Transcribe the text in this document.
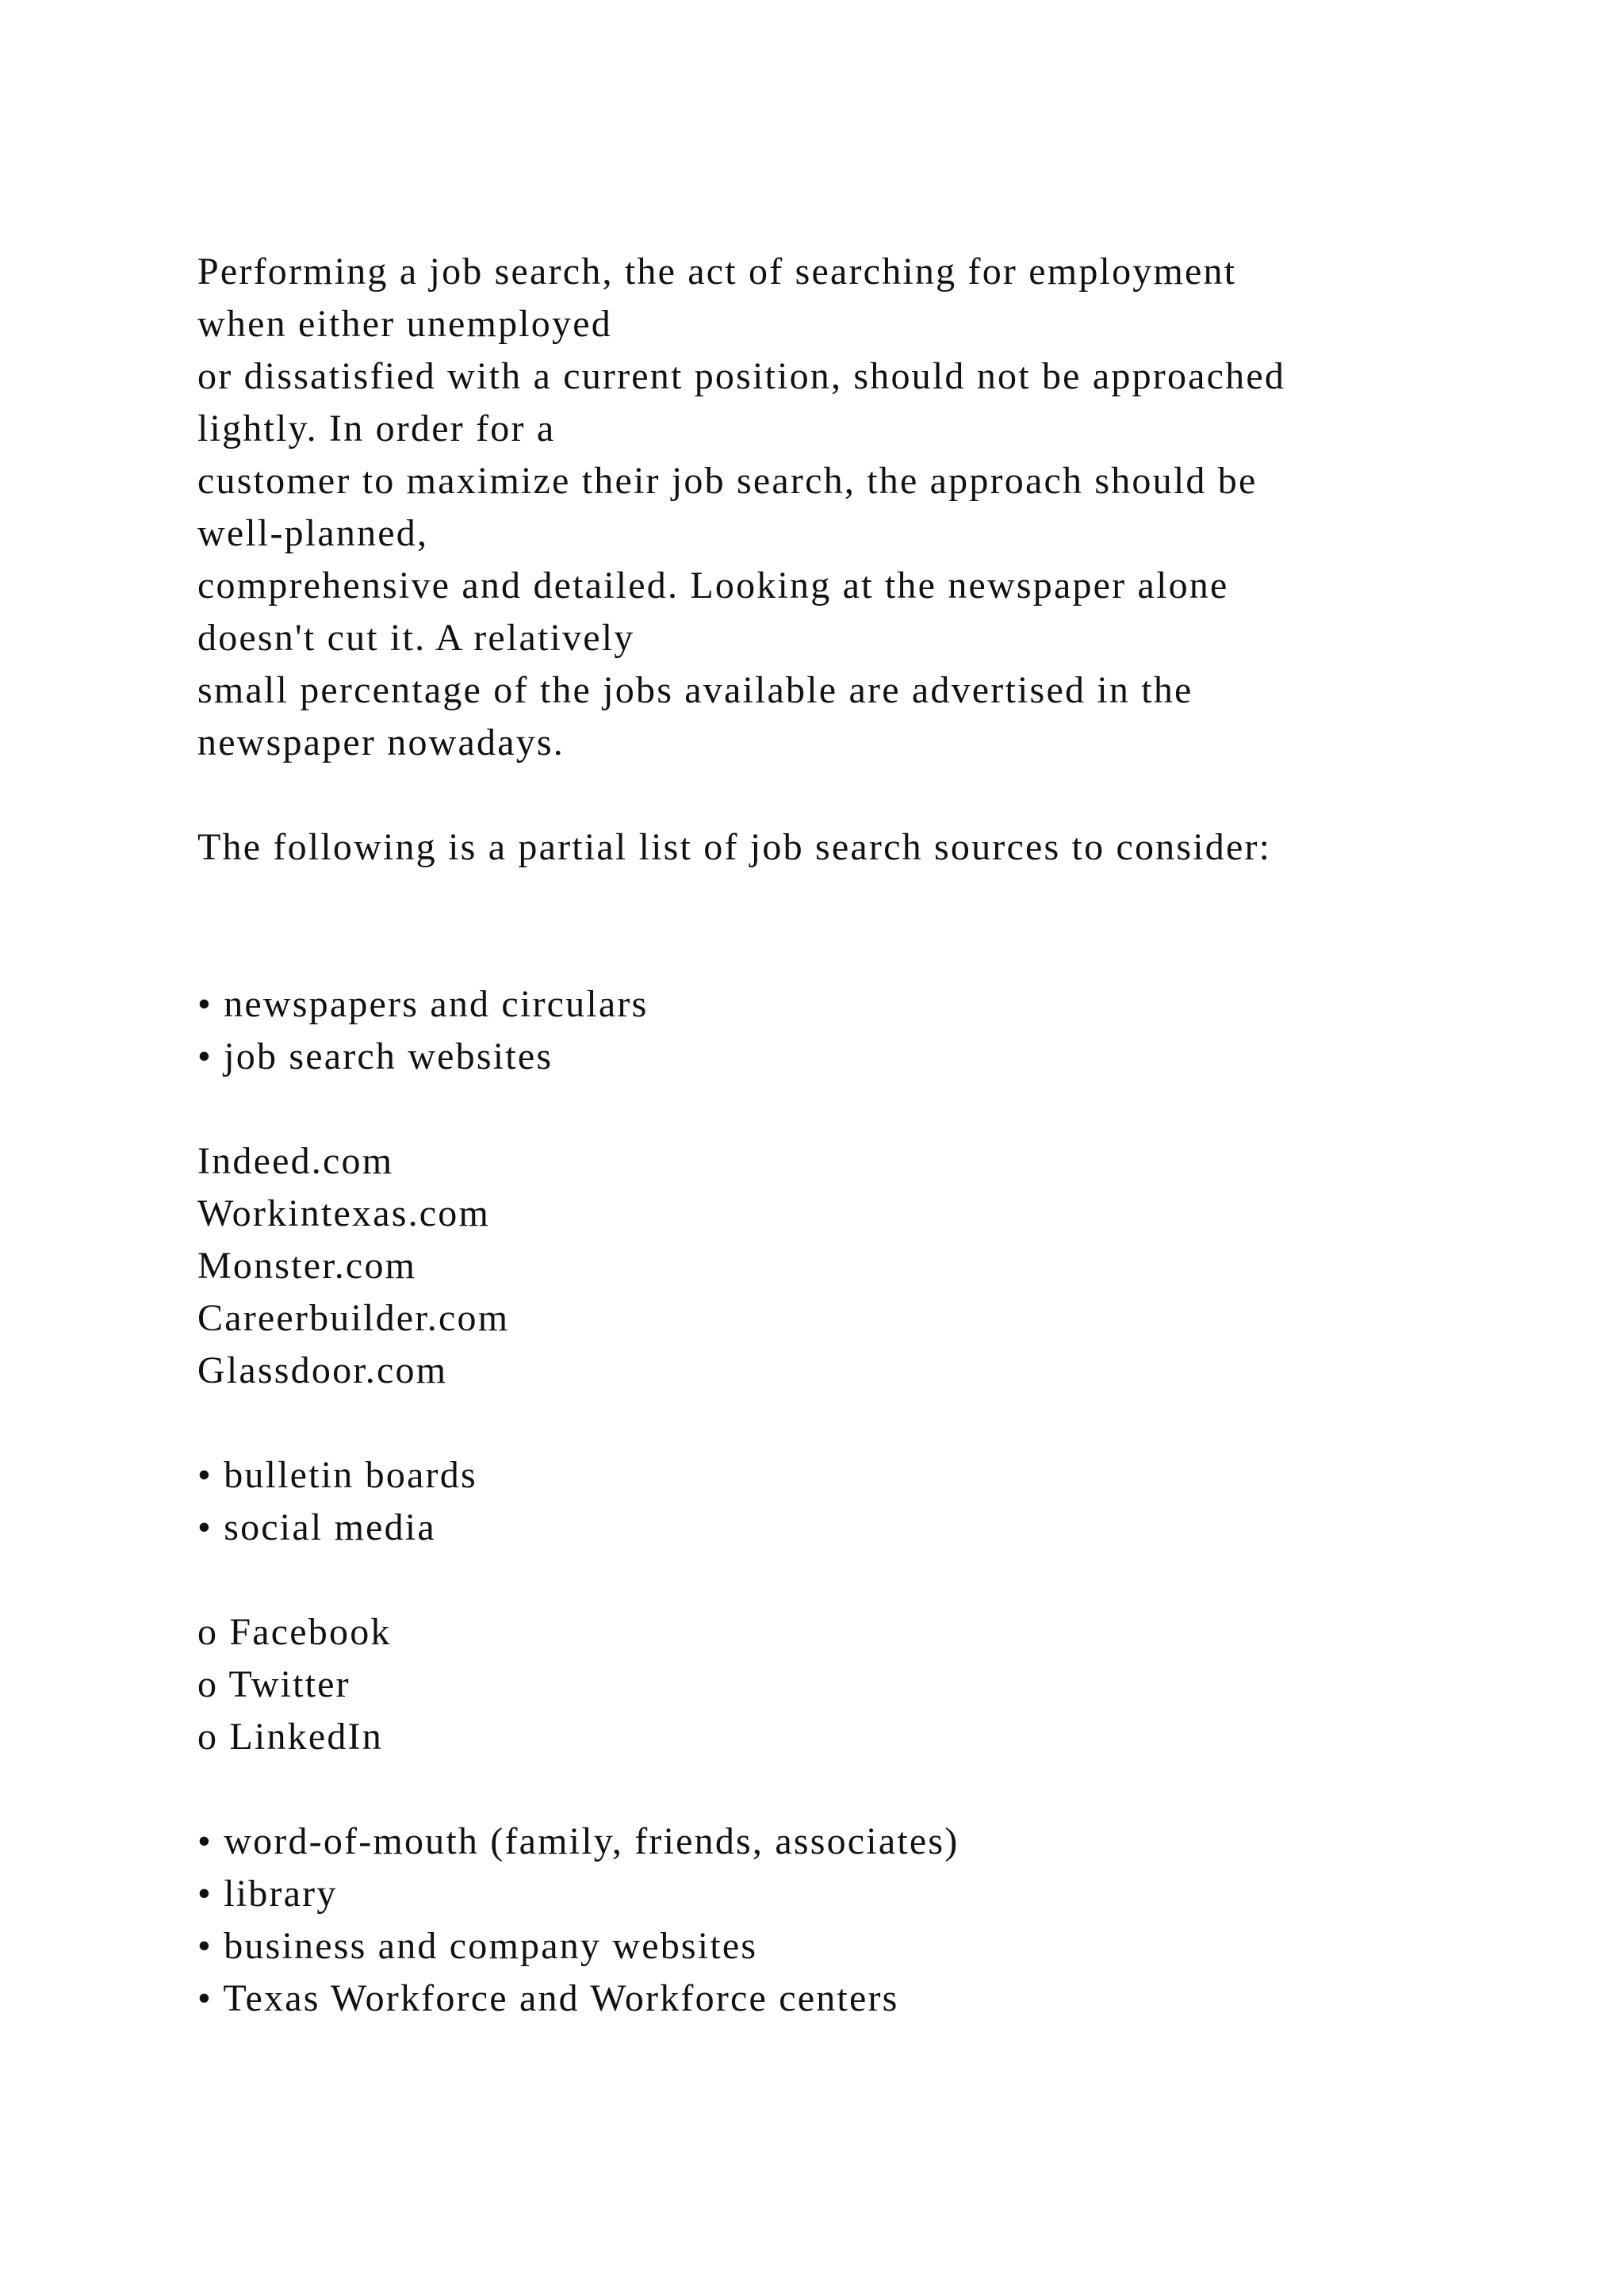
Performing a job search, the act of searching for employment

when either unemployed

or dissatisfied with a current position, should not be approached

lightly. In order for a

customer to maximize their job search, the approach should be

well-planned,

comprehensive and detailed. Looking at the newspaper alone

doesn't cut it. A relatively

small percentage of the jobs available are advertised in the

newspaper nowadays.

The following is a partial list of job search sources to consider:

• newspapers and circulars

• job search websites

Indeed.com

Workintexas.com

Monster.com

Careerbuilder.com

Glassdoor.com

• bulletin boards

• social media

o Facebook

o Twitter

o LinkedIn

• word-of-mouth (family, friends, associates)

• library

• business and company websites

• Texas Workforce and Workforce centers
